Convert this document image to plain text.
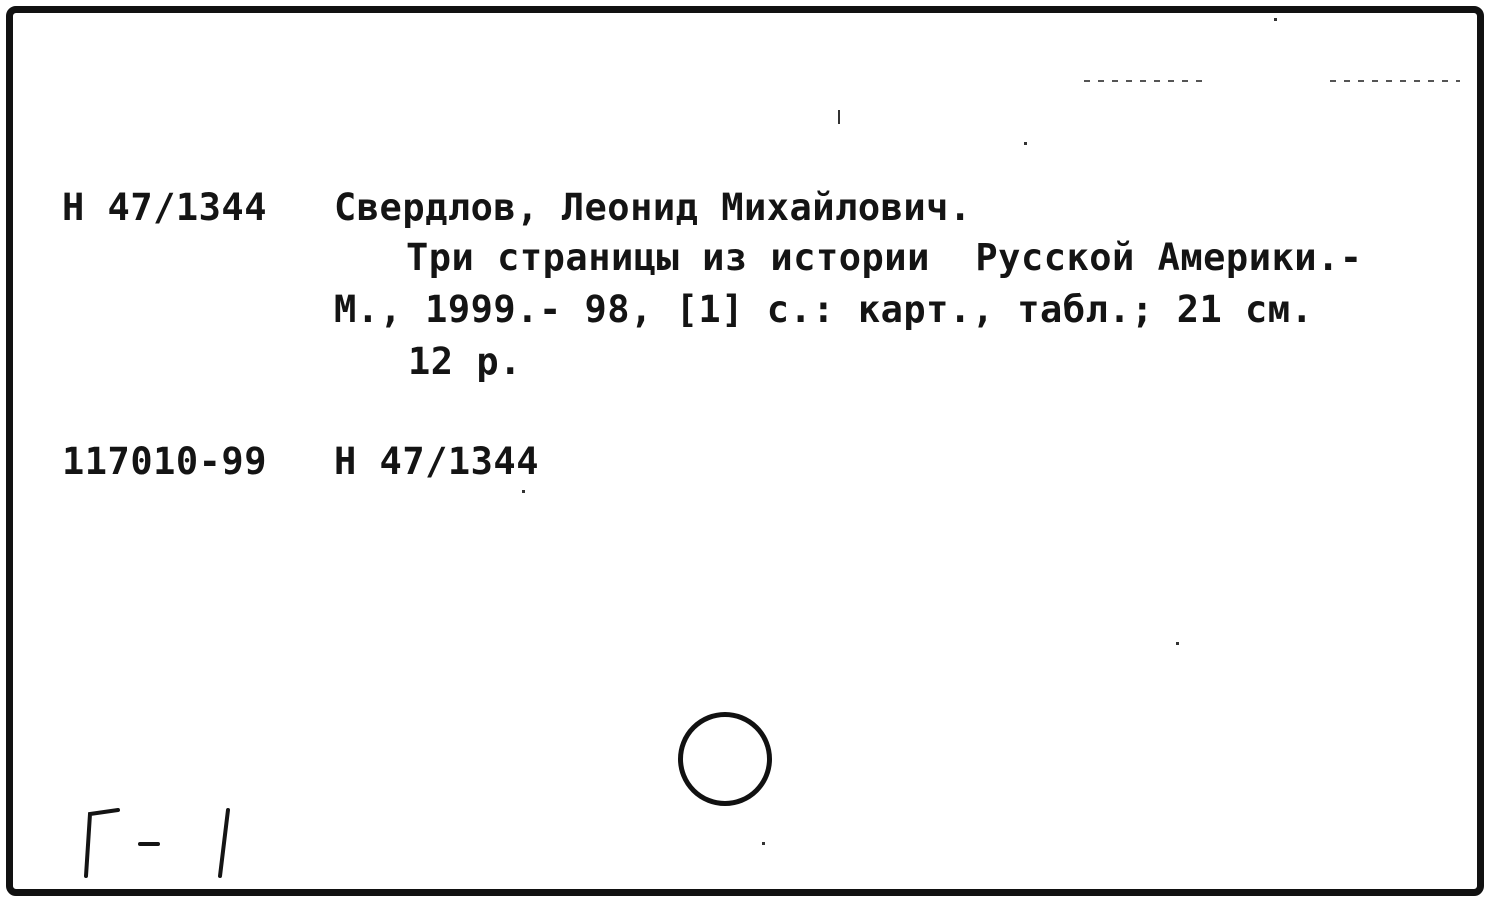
Н 47/1344 Свердлов, Леонид Михайлович.
Три страницы из истории  Русской Америки.-
М., 1999.- 98, [1] с.: карт., табл.; 21 см.
12 р.
117010-99 Н 47/1344
